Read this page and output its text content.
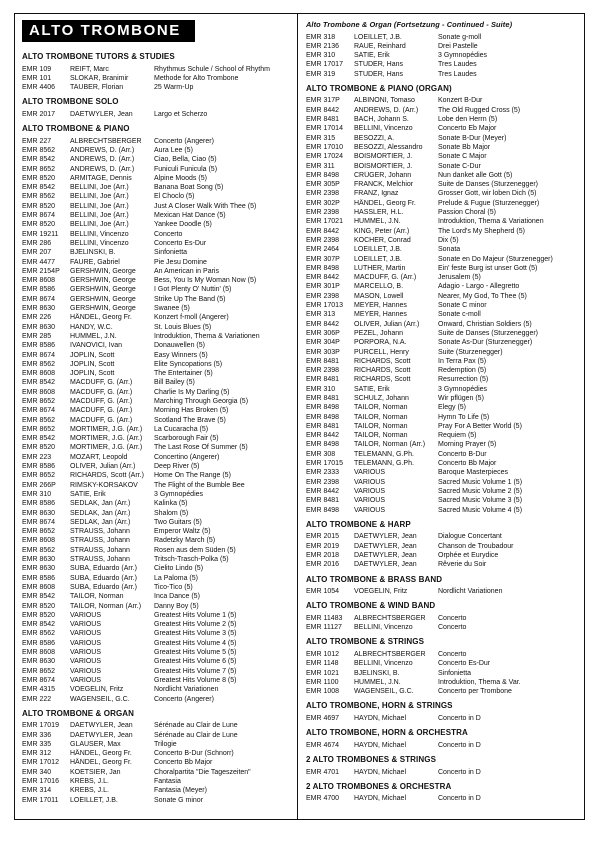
ALTO TROMBONE
ALTO TROMBONE TUTORS & STUDIES
EMR 109	REIFT, Marc	Rhythmus Schule / School of Rhythm
EMR 101	SLOKAR, Branimir	Methode for Alto Trombone
EMR 4406	TAUBER, Florian	25 Warm-Up
ALTO TROMBONE SOLO
EMR 2017	DAETWYLER, Jean	Largo et Scherzo
ALTO TROMBONE & PIANO
EMR 227	ALBRECHTSBERGER	Concerto (Angerer)
EMR 8562	ANDREWS, D. (Arr.)	Aura Lee (5)
EMR 8542	ANDREWS, D. (Arr.)	Ciao, Bella, Ciao (5)
EMR 8652	ANDREWS, D. (Arr.)	Funiculi Funicula (5)
EMR 8520	ARMITAGE, Dennis	Alpine Moods (5)
EMR 8542	BELLINI, Joe (Arr.)	Banana Boat Song (5)
EMR 8562	BELLINI, Joe (Arr.)	El Choclo (5)
EMR 8520	BELLINI, Joe (Arr.)	Just A Closer Walk With Thee (5)
EMR 8674	BELLINI, Joe (Arr.)	Mexican Hat Dance (5)
EMR 8520	BELLINI, Joe (Arr.)	Yankee Doodle (5)
EMR 19211	BELLINI, Vincenzo	Concerto
EMR 286	BELLINI, Vincenzo	Concerto Es-Dur
EMR 207	BJELINSKI, B.	Sinfonietta
EMR 4477	FAURE, Gabriel	Pie Jesu Domine
EMR 2154P	GERSHWIN, George	An American in Paris
EMR 8608	GERSHWIN, George	Bess, You Is My Woman Now (5)
EMR 8586	GERSHWIN, George	I Got Plenty O' Nuttin' (5)
EMR 8674	GERSHWIN, George	Strike Up The Band (5)
EMR 8630	GERSHWIN, George	Swanee (5)
EMR 226	HÄNDEL, Georg Fr.	Konzert f-moll (Angerer)
EMR 8630	HANDY, W.C.	St. Louis Blues (5)
EMR 285	HUMMEL, J.N.	Introduktion, Thema & Variationen
EMR 8586	IVANOVICI, Ivan	Donauwellen (5)
EMR 8674	JOPLIN, Scott	Easy Winners (5)
EMR 8562	JOPLIN, Scott	Elite Syncopations (5)
EMR 8608	JOPLIN, Scott	The Entertainer (5)
EMR 8542	MACDUFF, G. (Arr.)	Bill Bailey (5)
EMR 8608	MACDUFF, G. (Arr.)	Charlie Is My Darling (5)
EMR 8652	MACDUFF, G. (Arr.)	Marching Through Georgia (5)
EMR 8674	MACDUFF, G. (Arr.)	Morning Has Broken (5)
EMR 8562	MACDUFF, G. (Arr.)	Scotland The Brave (5)
EMR 8652	MORTIMER, J.G. (Arr.)	La Cucaracha (5)
EMR 8542	MORTIMER, J.G. (Arr.)	Scarborough Fair (5)
EMR 8520	MORTIMER, J.G. (Arr.)	The Last Rose Of Summer (5)
EMR 223	MOZART, Leopold	Concertino (Angerer)
EMR 8586	OLIVER, Julian (Arr.)	Deep River (5)
EMR 8652	RICHARDS, Scott (Arr.)	Home On The Range (5)
EMR 266P	RIMSKY-KORSAKOV	The Flight of the Bumble Bee
EMR 310	SATIE, Erik	3 Gymnopédies
EMR 8586	SEDLAK, Jan (Arr.)	Kalinka (5)
EMR 8630	SEDLAK, Jan (Arr.)	Shalom (5)
EMR 8674	SEDLAK, Jan (Arr.)	Two Guitars (5)
EMR 8652	STRAUSS, Johann	Emperor Waltz (5)
EMR 8608	STRAUSS, Johann	Radetzky March (5)
EMR 8562	STRAUSS, Johann	Rosen aus dem Süden (5)
EMR 8630	STRAUSS, Johann	Tritsch-Trasch-Polka (5)
EMR 8630	SUBA, Eduardo (Arr.)	Cielito Lindo (5)
EMR 8586	SUBA, Eduardo (Arr.)	La Paloma (5)
EMR 8608	SUBA, Eduardo (Arr.)	Tico-Tico (5)
EMR 8542	TAILOR, Norman	Inca Dance (5)
EMR 8520	TAILOR, Norman (Arr.)	Danny Boy (5)
EMR 8520	VARIOUS	Greatest Hits Volume 1 (5)
EMR 8542	VARIOUS	Greatest Hits Volume 2 (5)
EMR 8562	VARIOUS	Greatest Hits Volume 3 (5)
EMR 8586	VARIOUS	Greatest Hits Volume 4 (5)
EMR 8608	VARIOUS	Greatest Hits Volume 5 (5)
EMR 8630	VARIOUS	Greatest Hits Volume 6 (5)
EMR 8652	VARIOUS	Greatest Hits Volume 7 (5)
EMR 8674	VARIOUS	Greatest Hits Volume 8 (5)
EMR 4315	VOEGELIN, Fritz	Nordlicht Variationen
EMR 222	WAGENSEIL, G.C.	Concerto (Angerer)
ALTO TROMBONE & ORGAN
EMR 17019	DAETWYLER, Jean	Sérénade au Clair de Lune
EMR 336	DAETWYLER, Jean	Sérénade au Clair de Lune
EMR 335	GLAUSER, Max	Trilogie
EMR 312	HÄNDEL, Georg Fr.	Concerto B-Dur (Schnorr)
EMR 17012	HÄNDEL, Georg Fr.	Concerto Bb Major
EMR 340	KOETSIER, Jan	Choralpartita "Die Tageszeiten"
EMR 17016	KREBS, J.L.	Fantasia
EMR 314	KREBS, J.L.	Fantasia (Meyer)
EMR 17011	LOEILLET, J.B.	Sonate G minor
Alto Trombone & Organ (Fortsetzung - Continued - Suite)
EMR 318	LOEILLET, J.B.	Sonate g-moll
EMR 2136	RAUE, Reinhard	Drei Pastelle
EMR 310	SATIE, Erik	3 Gymnopédies
EMR 17017	STUDER, Hans	Tres Laudes
EMR 319	STUDER, Hans	Tres Laudes
ALTO TROMBONE & PIANO (ORGAN)
EMR 317P	ALBINONI, Tomaso	Konzert B-Dur
EMR 8442	ANDREWS, D. (Arr.)	The Old Rugged Cross (5)
EMR 8481	BACH, Johann S.	Lobe den Herrn (5)
EMR 17014	BELLINI, Vincenzo	Concerto Eb Major
EMR 315	BESOZZI, A.	Sonate B-Dur (Meyer)
EMR 17010	BESOZZI, Alessandro	Sonate Bb Major
EMR 17024	BOISMORTIER, J.	Sonate C Major
EMR 311	BOISMORTIER, J.	Sonate C-Dur
EMR 8498	CRÜGER, Johann	Nun danket alle Gott (5)
EMR 305P	FRANCK, Melchior	Suite de Danses (Sturzenegger)
EMR 2398	FRANZ, Ignaz	Grosser Gott, wir loben Dich (5)
EMR 302P	HÄNDEL, Georg Fr.	Prelude & Fugue (Sturzenegger)
EMR 2398	HASSLER, H.L.	Passion Choral (5)
EMR 17021	HUMMEL, J.N.	Introduktion, Thema & Variationen
EMR 8442	KING, Peter (Arr.)	The Lord's My Shepherd (5)
EMR 2398	KOCHER, Conrad	Dix (5)
EMR 2464	LOEILLET, J.B.	Sonata
EMR 307P	LOEILLET, J.B.	Sonate en Do Majeur (Sturzenegger)
EMR 8498	LUTHER, Martin	Ein' feste Burg ist unser Gott (5)
EMR 8442	MACDUFF, G. (Arr.)	Jerusalem (5)
EMR 301P	MARCELLO, B.	Adagio - Largo - Allegretto
EMR 2398	MASON, Lowell	Nearer, My God, To Thee (5)
EMR 17013	MEYER, Hannes	Sonate C minor
EMR 313	MEYER, Hannes	Sonate c-moll
EMR 8442	OLIVER, Julian (Arr.)	Onward, Christian Soldiers (5)
EMR 306P	PEZEL, Johann	Suite de Danses (Sturzenegger)
EMR 304P	PORPORA, N.A.	Sonate As-Dur (Sturzenegger)
EMR 303P	PURCELL, Henry	Suite (Sturzenegger)
EMR 8481	RICHARDS, Scott	In Terra Pax (5)
EMR 2398	RICHARDS, Scott	Redemption (5)
EMR 8481	RICHARDS, Scott	Resurrection (5)
EMR 310	SATIE, Erik	3 Gymnopédies
EMR 8481	SCHULZ, Johann	Wir pflügen (5)
EMR 8498	TAILOR, Norman	Elegy (5)
EMR 8498	TAILOR, Norman	Hymn To Life (5)
EMR 8481	TAILOR, Norman	Pray For A Better World (5)
EMR 8442	TAILOR, Norman	Requiem (5)
EMR 8498	TAILOR, Norman (Arr.)	Morning Prayer (5)
EMR 308	TELEMANN, G.Ph.	Concerto B-Dur
EMR 17015	TELEMANN, G.Ph.	Concerto Bb Major
EMR 2333	VARIOUS	Baroque Masterpieces
EMR 2398	VARIOUS	Sacred Music Volume 1 (5)
EMR 8442	VARIOUS	Sacred Music Volume 2 (5)
EMR 8481	VARIOUS	Sacred Music Volume 3 (5)
EMR 8498	VARIOUS	Sacred Music Volume 4 (5)
ALTO TROMBONE & HARP
EMR 2015	DAETWYLER, Jean	Dialogue Concertant
EMR 2019	DAETWYLER, Jean	Chanson de Troubadour
EMR 2018	DAETWYLER, Jean	Orphée et Eurydice
EMR 2016	DAETWYLER, Jean	Rêverie du Soir
ALTO TROMBONE & BRASS BAND
EMR 1054	VOEGELIN, Fritz	Nordlicht Variationen
ALTO TROMBONE & WIND BAND
EMR 11483	ALBRECHTSBERGER	Concerto
EMR 11127	BELLINI, Vincenzo	Concerto
ALTO TROMBONE & STRINGS
EMR 1012	ALBRECHTSBERGER	Concerto
EMR 1148	BELLINI, Vincenzo	Concerto Es-Dur
EMR 1021	BJELINSKI, B.	Sinfonietta
EMR 1100	HUMMEL, J.N.	Introduktion, Thema & Var.
EMR 1008	WAGENSEIL, G.C.	Concerto per Trombone
ALTO TROMBONE, HORN & STRINGS
EMR 4697	HAYDN, Michael	Concerto in D
ALTO TROMBONE, HORN & ORCHESTRA
EMR 4674	HAYDN, Michael	Concerto in D
2 ALTO TROMBONES & STRINGS
EMR 4701	HAYDN, Michael	Concerto in D
2 ALTO TROMBONES & ORCHESTRA
EMR 4700	HAYDN, Michael	Concerto in D
